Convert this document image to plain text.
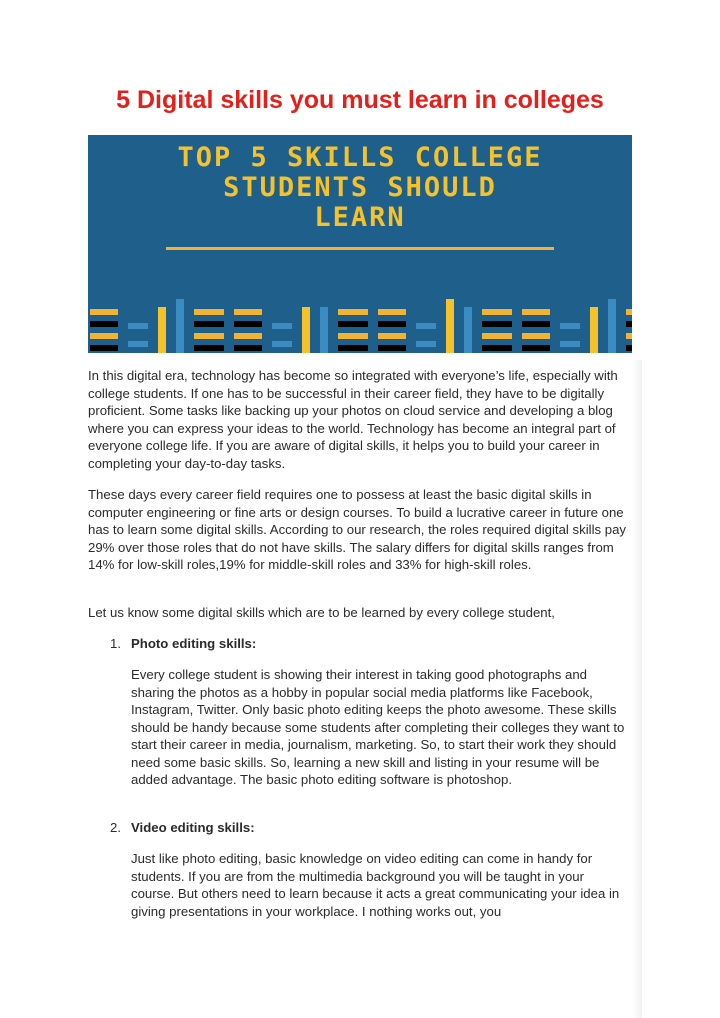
5 Digital skills you must learn in colleges
TOP 5 SKILLS COLLEGE
STUDENTS SHOULD
LEARN

In this digital era, technology has become so integrated with everyone’s life, especially with college students. If one has to be successful in their career field, they have to be digitally proficient. Some tasks like backing up your photos on cloud service and developing a blog where you can express your ideas to the world. Technology has become an integral part of everyone college life. If you are aware of digital skills, it helps you to build your career in completing your day-to-day tasks.

These days every career field requires one to possess at least the basic digital skills in computer engineering or fine arts or design courses. To build a lucrative career in future one has to learn some digital skills. According to our research, the roles required digital skills pay 29% over those roles that do not have skills. The salary differs for digital skills ranges from 14% for low-skill roles,19% for middle-skill roles and 33% for high-skill roles.

Let us know some digital skills which are to be learned by every college student,

1. Photo editing skills:

Every college student is showing their interest in taking good photographs and sharing the photos as a hobby in popular social media platforms like Facebook, Instagram, Twitter. Only basic photo editing keeps the photo awesome. These skills should be handy because some students after completing their colleges they want to start their career in media, journalism, marketing. So, to start their work they should need some basic skills. So, learning a new skill and listing in your resume will be added advantage. The basic photo editing software is photoshop.

2. Video editing skills:

Just like photo editing, basic knowledge on video editing can come in handy for students. If you are from the multimedia background you will be taught in your course. But others need to learn because it acts a great communicating your idea in giving presentations in your workplace. I nothing works out, you
